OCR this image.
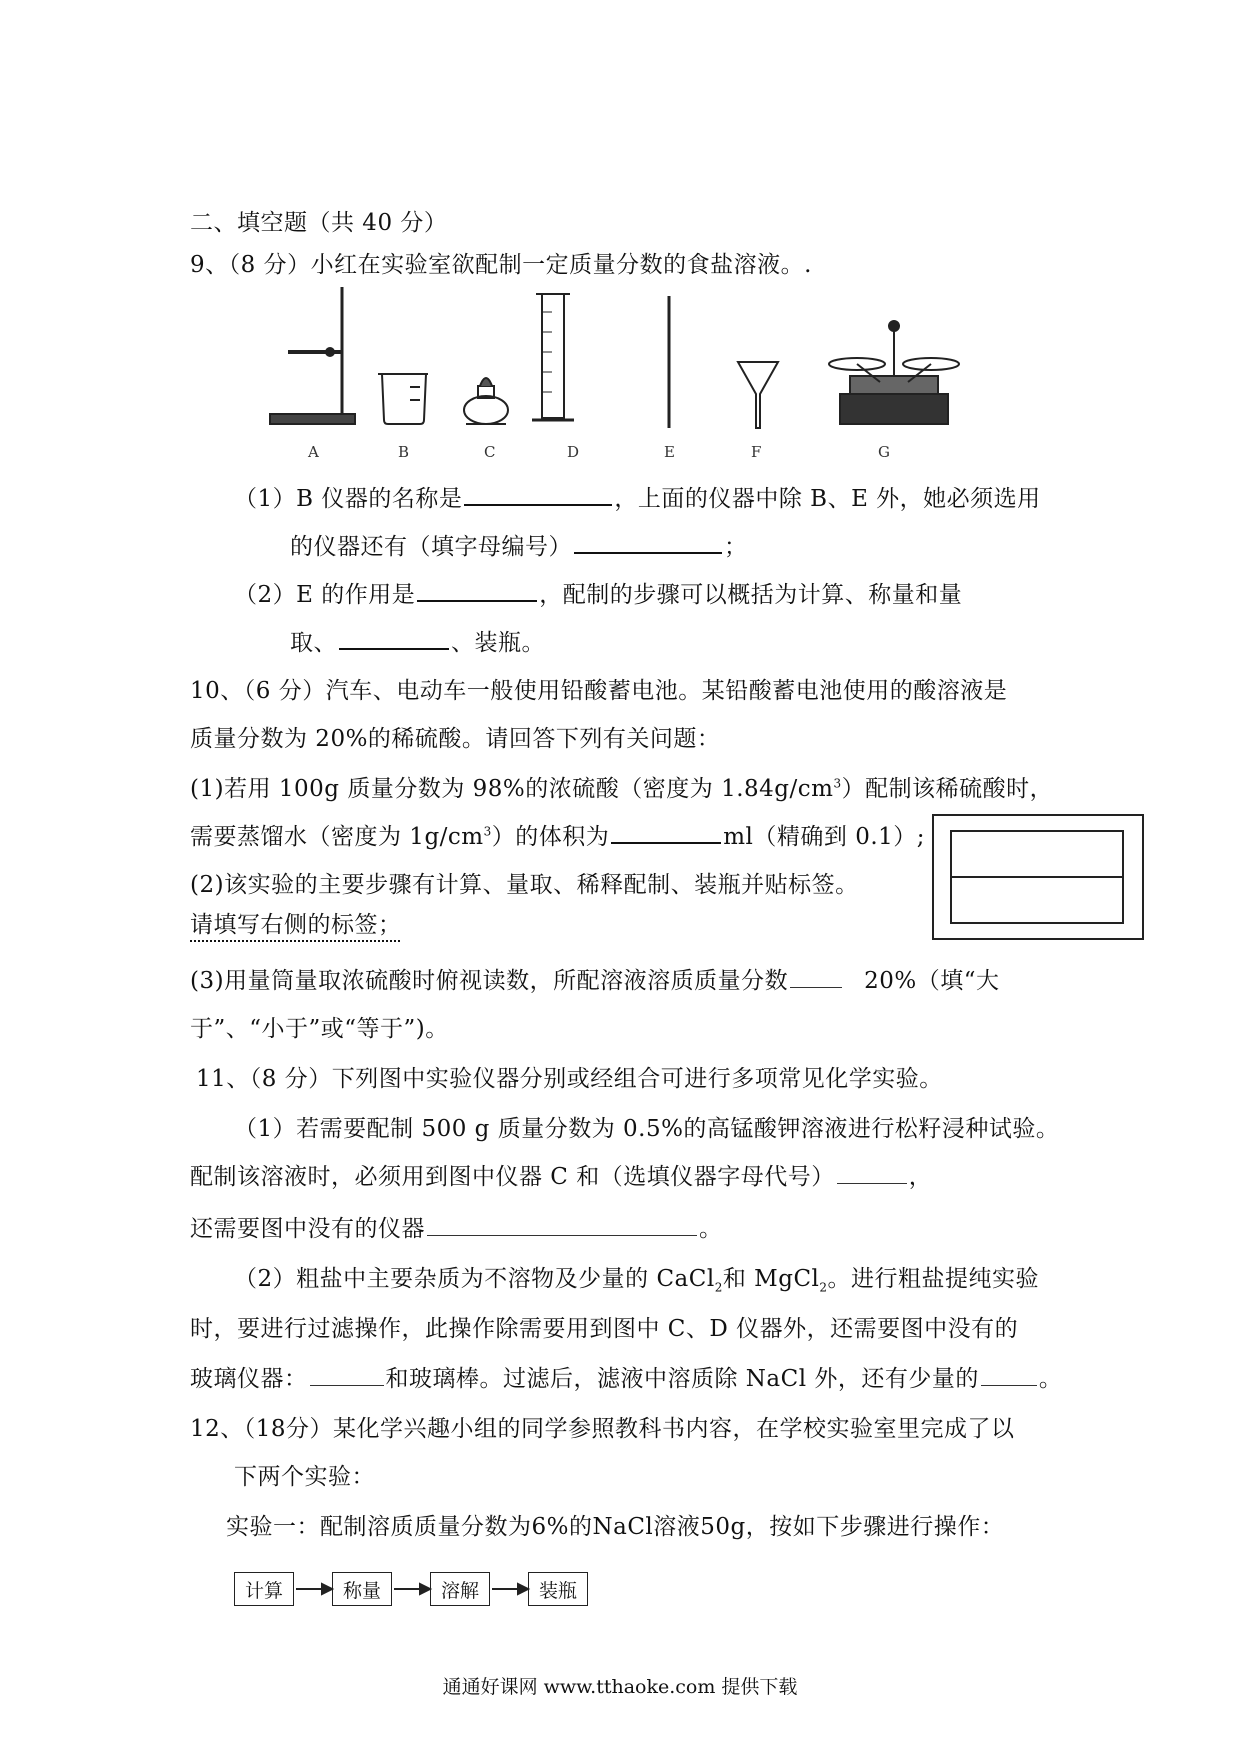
二、填空题（共 40 分）
9、（8 分）小红在实验室欲配制一定质量分数的食盐溶液。.
A	B	C	D	E	F	G
（1）B 仪器的名称是	，上面的仪器中除 B、E 外，她必须选用
的仪器还有（填字母编号）	；
（2）E 的作用是	，配制的步骤可以概括为计算、称量和量
取、	、装瓶。
10、（6 分）汽车、电动车一般使用铅酸蓄电池。某铅酸蓄电池使用的酸溶液是
质量分数为 20%的稀硫酸。请回答下列有关问题：
(1)若用 100g 质量分数为 98%的浓硫酸（密度为 $1.84g/cm^3$）配制该稀硫酸时，
需要蒸馏水（密度为 $1g/cm^3$）的体积为	ml（精确到 0.1）;
(2)该实验的主要步骤有计算、量取、稀释配制、装瓶并贴标签。
请填写右侧的标签；
(3)用量筒量取浓硫酸时俯视读数，所配溶液溶质质量分数	20%（填“大
于”、“小于”或“等于”)。
11、（8 分）下列图中实验仪器分别或经组合可进行多项常见化学实验。
（1）若需要配制 500 g 质量分数为 0.5%的高锰酸钾溶液进行松籽浸种试验。
配制该溶液时，必须用到图中仪器 C 和（选填仪器字母代号）	，
还需要图中没有的仪器	。
（2）粗盐中主要杂质为不溶物及少量的 CaCl$_2$和 MgCl$_2$。进行粗盐提纯实验
时，要进行过滤操作，此操作除需要用到图中 C、D 仪器外，还需要图中没有的
玻璃仪器：	和玻璃棒。过滤后，滤液中溶质除 NaCl 外，还有少量的	。
12、（18分）某化学兴趣小组的同学参照教科书内容，在学校实验室里完成了以
下两个实验：
实验一：配制溶质质量分数为6%的NaCl溶液50g，按如下步骤进行操作：
计算	称量	溶解	装瓶
通通好课网 www.tthaoke.com 提供下载
